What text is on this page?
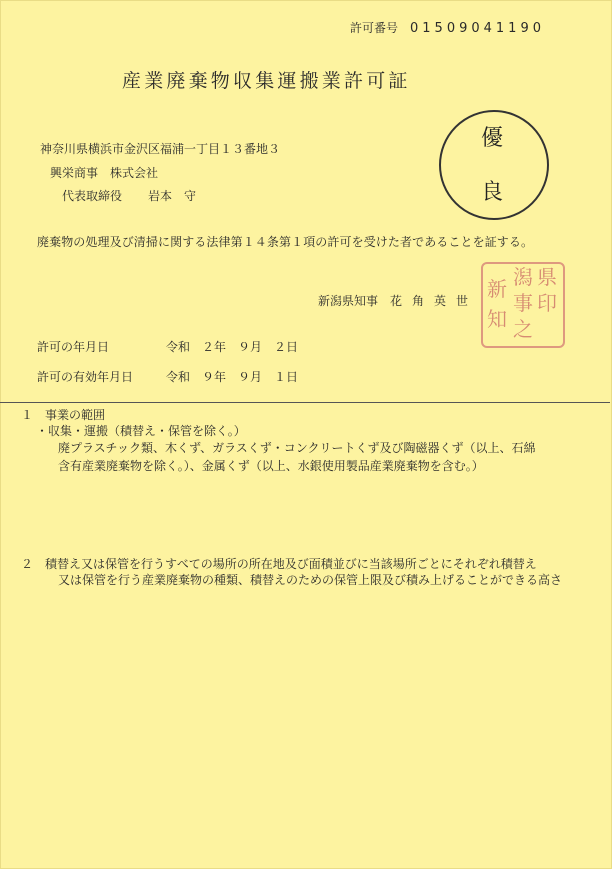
許可番号 01509041190
産業廃棄物収集運搬業許可証
神奈川県横浜市金沢区福浦一丁目１３番地３
興栄商事　株式会社
代表取締役 岩本　守
優
良
廃棄物の処理及び清掃に関する法律第１４条第１項の許可を受けた者であることを証する。
新潟県知事 花角英世
県
印
潟
事
之
新
知
許可の年月日	令和　２年　９月　２日
許可の有効年月日	令和　９年　９月　１日
１ 事業の範囲
・収集・運搬（積替え・保管を除く。）
廃プラスチック類、木くず、ガラスくず・コンクリートくず及び陶磁器くず（以上、石綿
含有産業廃棄物を除く。）、金属くず（以上、水銀使用製品産業廃棄物を含む。）
２ 積替え又は保管を行うすべての場所の所在地及び面積並びに当該場所ごとにそれぞれ積替え
又は保管を行う産業廃棄物の種類、積替えのための保管上限及び積み上げることができる高さ
